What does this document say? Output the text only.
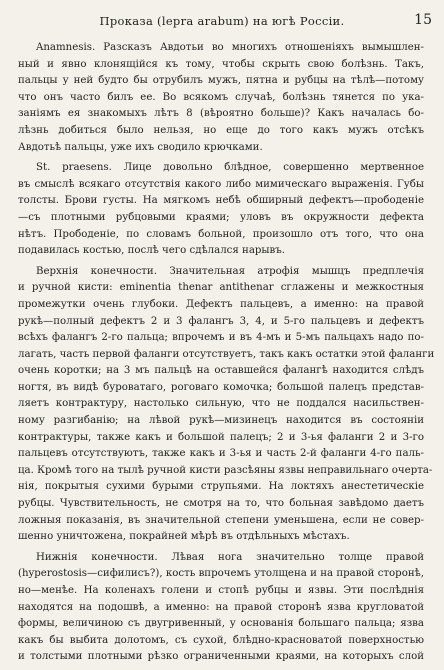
Проказа (lepra arabum) на югѣ Россіи.	15
Anamnesis. Разсказъ Авдотьи во многихъ отношеніяхъ вымышлен-
ный и явно клонящійся къ тому, чтобы скрыть свою болѣзнь. Такъ,
пальцы у ней будто бы отрубилъ мужъ, пятна и рубцы на тѣлѣ—потому
что онъ часто билъ ее. Во всякомъ случаѣ, болѣзнь тянется по ука-
заніямъ ея знакомыхъ лѣтъ 8 (вѣроятно больше)? Какъ началась бо-
лѣзнь добиться было нельзя, но еще до того какъ мужъ отсѣкъ
Авдотьѣ пальцы, уже ихъ сводило крючками.
St. praesens. Лице довольно блѣдное, совершенно мертвенное
въ смыслѣ всякаго отсутствія какого либо мимическаго выраженія. Губы
толсты. Брови густы. На мягкомъ небѣ обширный дефектъ—прободеніе
—съ плотными рубцовыми краями; уловъ въ окружности дефекта
нѣтъ. Прободеніе, по словамъ больной, произошло отъ того, что она
подавилась костью, послѣ чего сдѣлался нарывъ.
Верхнія конечности. Значительная атрофія мышцъ предплечія
и ручной кисти: eminentia thenar antithenar сглажены и межкостныя
промежутки очень глубоки. Дефектъ пальцевъ, а именно: на правой
рукѣ—полный дефектъ 2 и 3 фалангъ 3, 4, и 5-го пальцевъ и дефектъ
всѣхъ фалангъ 2-го пальца; впрочемъ и въ 4-мъ и 5-мъ пальцахъ надо по-
лагать, часть первой фаланги отсутствуетъ, такъ какъ остатки этой фаланги
очень коротки; на 3 мъ пальцѣ на оставшейся фалангѣ находится слѣдъ
ногтя, въ видѣ буроватаго, роговаго комочка; большой палецъ представ-
ляетъ контрактуру, настолько сильную, что не поддался насильствен-
ному разгибанію; на лѣвой рукѣ—мизинецъ находится въ состояніи
контрактуры, также какъ и большой палецъ; 2 и 3-ья фаланги 2 и 3-го
пальцевъ отсутствуютъ, также какъ и 3-ья и часть 2-й фаланги 4-го паль-
ца. Кромѣ того на тылѣ ручной кисти разсѣяны язвы неправильнаго очерта-
нія, покрытыя сухими бурыми струпьями. На локтяхъ анестетическіе
рубцы. Чувствительность, не смотря на то, что больная завѣдомо даетъ
ложныя показанія, въ значительной степени уменьшена, если не совер-
шенно уничтожена, покрайней мѣрѣ въ отдѣльныхъ мѣстахъ.
Нижнія конечности. Лѣвая нога значительно толще правой
(hyperostosis—сифилисъ?), кость впрочемъ утолщена и на правой сторонѣ,
но—менѣе. На коленахъ голени и стопѣ рубцы и язвы. Эти послѣднія
находятся на подошвѣ, а именно: на правой сторонѣ язва кругловатой
формы, величиною съ двугривенный, у основанія большаго пальца; язва
какъ бы выбита долотомъ, съ сухой, блѣдно-красноватой поверхностью
и толстыми плотными рѣзко ограниченными краями, на которыхъ слой
